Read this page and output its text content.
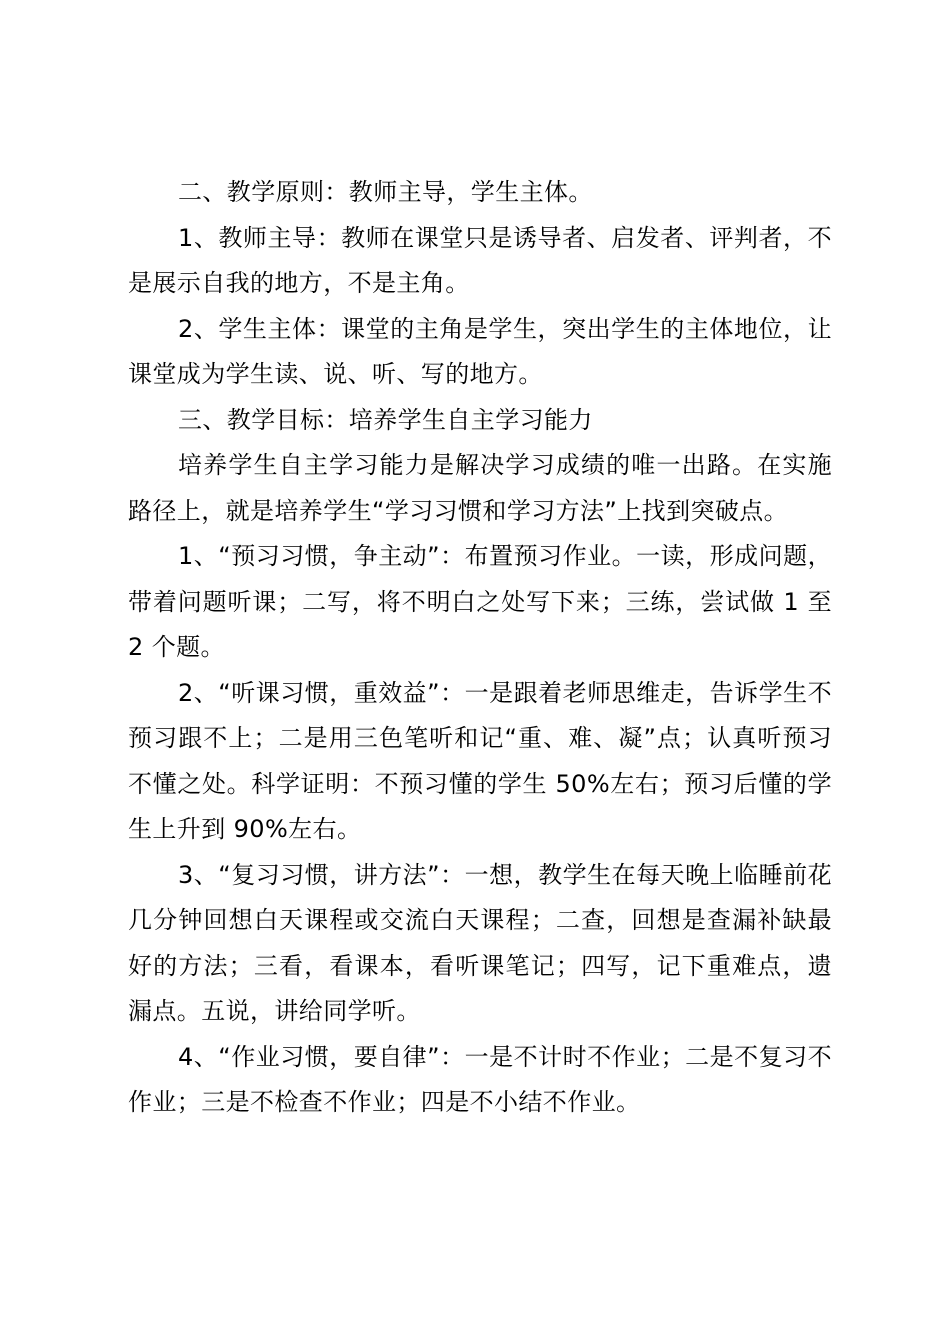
二、教学原则：教师主导，学生主体。

1、教师主导：教师在课堂只是诱导者、启发者、评判者，不是展示自我的地方，不是主角。

2、学生主体：课堂的主角是学生，突出学生的主体地位，让课堂成为学生读、说、听、写的地方。

三、教学目标：培养学生自主学习能力

培养学生自主学习能力是解决学习成绩的唯一出路。在实施路径上，就是培养学生“学习习惯和学习方法”上找到突破点。

1、“预习习惯，争主动”：布置预习作业。一读，形成问题，带着问题听课；二写，将不明白之处写下来；三练，尝试做 1 至 2 个题。

2、“听课习惯，重效益”：一是跟着老师思维走，告诉学生不预习跟不上；二是用三色笔听和记“重、难、凝”点；认真听预习不懂之处。科学证明：不预习懂的学生 50%左右；预习后懂的学生上升到 90%左右。

3、“复习习惯，讲方法”：一想，教学生在每天晚上临睡前花几分钟回想白天课程或交流白天课程；二查，回想是查漏补缺最好的方法；三看，看课本，看听课笔记；四写，记下重难点，遗漏点。五说，讲给同学听。

4、“作业习惯，要自律”：一是不计时不作业；二是不复习不作业；三是不检查不作业；四是不小结不作业。
